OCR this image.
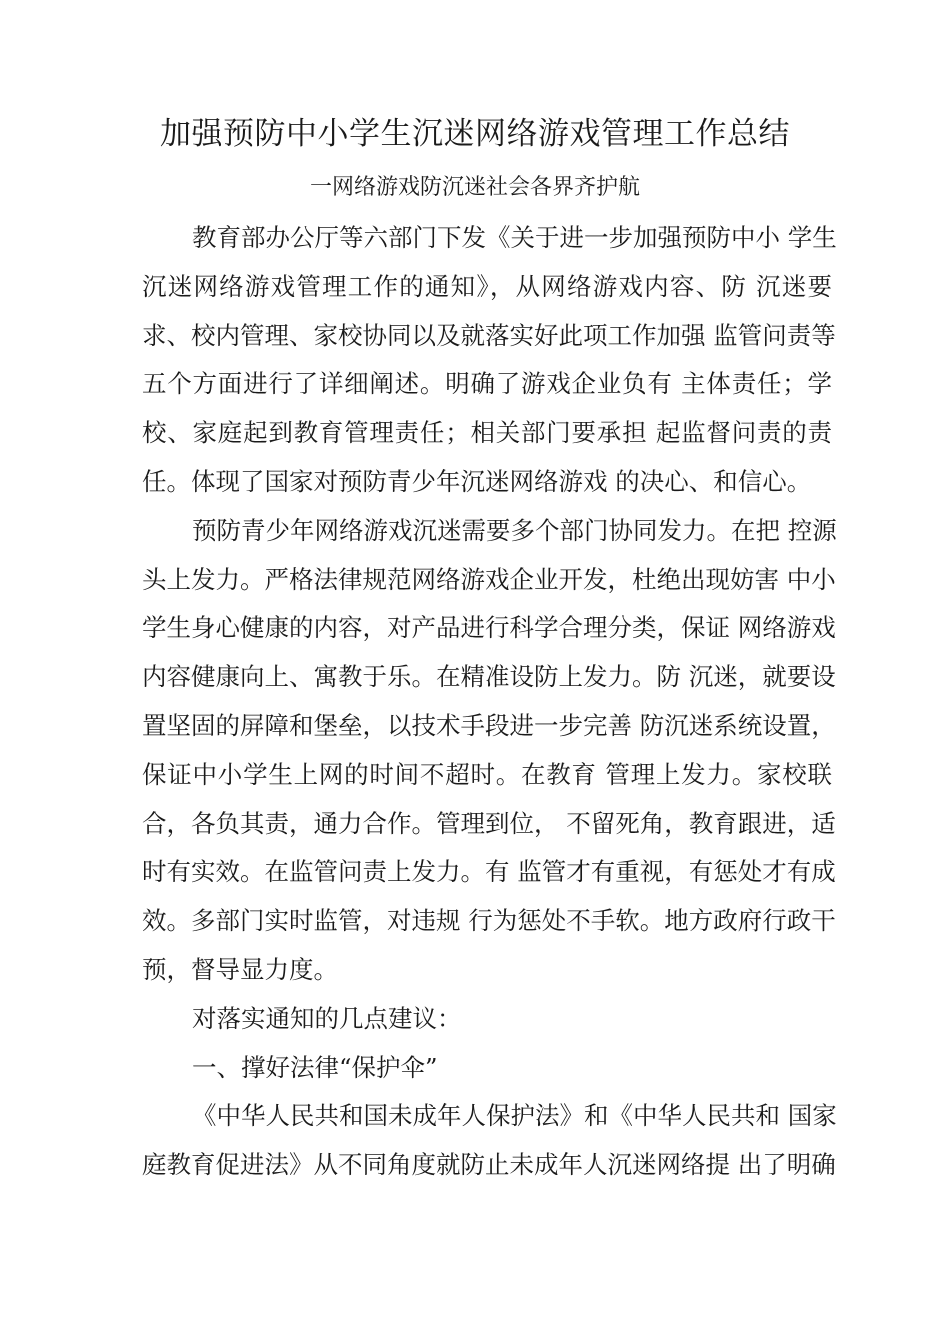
加强预防中小学生沉迷网络游戏管理工作总结
一网络游戏防沉迷社会各界齐护航
教育部办公厅等六部门下发《关于进一步加强预防中小 学生
沉迷网络游戏管理工作的通知》，从网络游戏内容、防 沉迷要
求、校内管理、家校协同以及就落实好此项工作加强 监管问责等
五个方面进行了详细阐述。明确了游戏企业负有 主体责任；学
校、家庭起到教育管理责任；相关部门要承担 起监督问责的责
任。体现了国家对预防青少年沉迷网络游戏 的决心、和信心。
预防青少年网络游戏沉迷需要多个部门协同发力。在把 控源
头上发力。严格法律规范网络游戏企业开发，杜绝出现妨害 中小
学生身心健康的内容，对产品进行科学合理分类，保证 网络游戏
内容健康向上、寓教于乐。在精准设防上发力。防 沉迷，就要设
置坚固的屏障和堡垒，以技术手段进一步完善 防沉迷系统设置，
保证中小学生上网的时间不超时。在教育 管理上发力。家校联
合，各负其责，通力合作。管理到位， 不留死角，教育跟进，适
时有实效。在监管问责上发力。有 监管才有重视，有惩处才有成
效。多部门实时监管，对违规 行为惩处不手软。地方政府行政干
预，督导显力度。
对落实通知的几点建议：
一、撑好法律“保护伞”
《中华人民共和国未成年人保护法》和《中华人民共和 国家
庭教育促进法》从不同角度就防止未成年人沉迷网络提 出了明确
